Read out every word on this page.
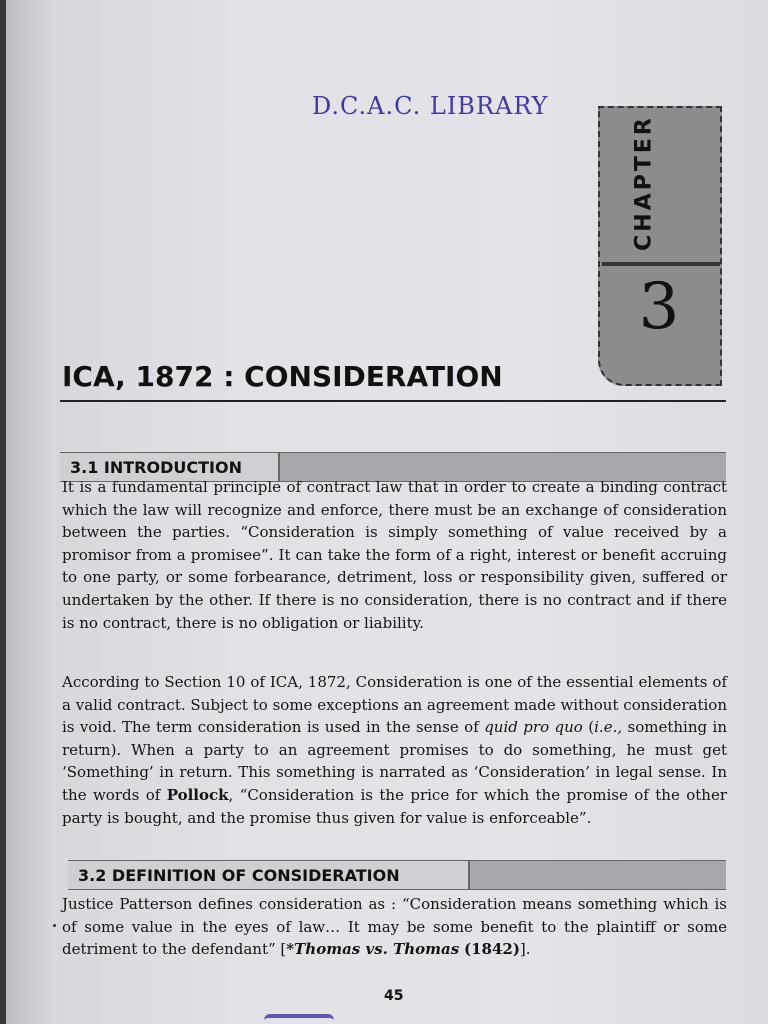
D.C.A.C. LIBRARY
CHAPTER
3
ICA, 1872 : CONSIDERATION
3.1 INTRODUCTION

It is a fundamental principle of contract law that in order to create a binding contract which the law will recognize and enforce, there must be an exchange of consideration between the parties. “Consideration is simply something of value received by a promisor from a promisee”. It can take the form of a right, interest or benefit accruing to one party, or some forbearance, detriment, loss or responsibility given, suffered or undertaken by the other. If there is no consideration, there is no contract and if there is no contract, there is no obligation or liability.

According to Section 10 of ICA, 1872, Consideration is one of the essential elements of a valid contract. Subject to some exceptions an agreement made without consideration is void. The term consideration is used in the sense of quid pro quo (i.e., something in return). When a party to an agreement promises to do something, he must get ‘Something’ in return. This something is narrated as ‘Consideration’ in legal sense. In the words of Pollock, “Consideration is the price for which the promise of the other party is bought, and the promise thus given for value is enforceable”.

3.2 DEFINITION OF CONSIDERATION

Justice Patterson defines consideration as : “Consideration means something which is of some value in the eyes of law… It may be some benefit to the plaintiff or some detriment to the defendant” [*Thomas vs. Thomas (1842)].

45
